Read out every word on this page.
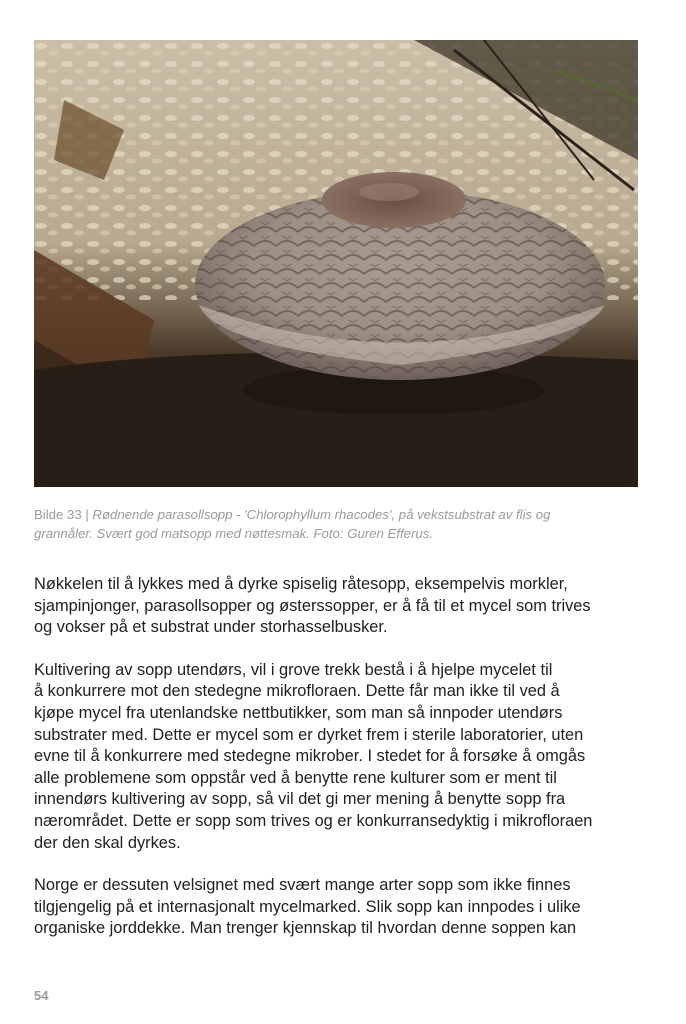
Bilde 33 | Rødnende parasollsopp - 'Chlorophyllum rhacodes', på vekstsubstrat av flis og
grannåler. Svært god matsopp med nøttesmak. Foto: Guren Efferus.

Nøkkelen til å lykkes med å dyrke spiselig råtesopp, eksempelvis morkler,
sjampinjonger, parasollsopper og østerssopper, er å få til et mycel som trives
og vokser på et substrat under storhasselbusker.

Kultivering av sopp utendørs, vil i grove trekk bestå i å hjelpe mycelet til
å konkurrere mot den stedegne mikrofloraen. Dette får man ikke til ved å
kjøpe mycel fra utenlandske nettbutikker, som man så innpoder utendørs
substrater med. Dette er mycel som er dyrket frem i sterile laboratorier, uten
evne til å konkurrere med stedegne mikrober. I stedet for å forsøke å omgås
alle problemene som oppstår ved å benytte rene kulturer som er ment til
innendørs kultivering av sopp, så vil det gi mer mening å benytte sopp fra
nærområdet. Dette er sopp som trives og er konkurransedyktig i mikrofloraen
der den skal dyrkes.

Norge er dessuten velsignet med svært mange arter sopp som ikke finnes
tilgjengelig på et internasjonalt mycelmarked. Slik sopp kan innpodes i ulike
organiske jorddekke. Man trenger kjennskap til hvordan denne soppen kan

54
